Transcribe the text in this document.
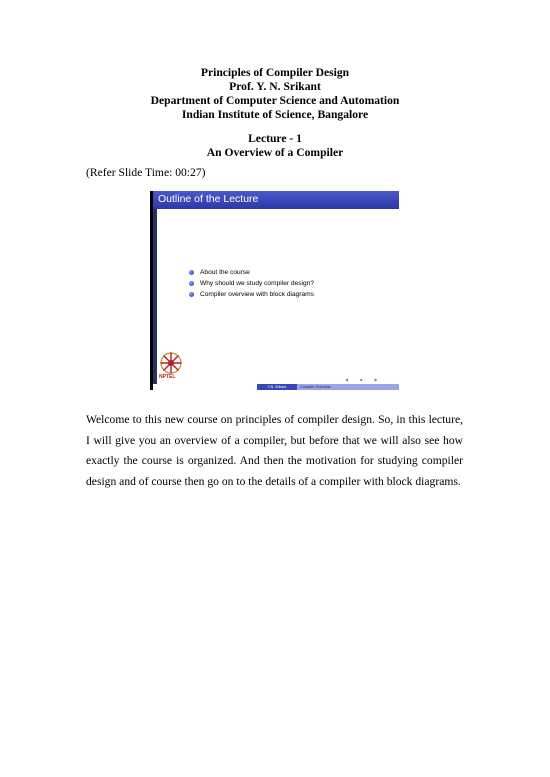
Principles of Compiler Design
Prof. Y. N. Srikant
Department of Computer Science and Automation
Indian Institute of Science, Bangalore
Lecture - 1
An Overview of a Compiler
(Refer Slide Time: 00:27)
Outline of the Lecture
About the course
Why should we study compiler design?
Compiler overview with block diagrams
NPTEL	◀■▶
Y.N. Srikant	Compiler Overview
Welcome to this new course on principles of compiler design. So, in this lecture, I will give you an overview of a compiler, but before that we will also see how exactly the course is organized. And then the motivation for studying compiler design and of course then go on to the details of a compiler with block diagrams.
